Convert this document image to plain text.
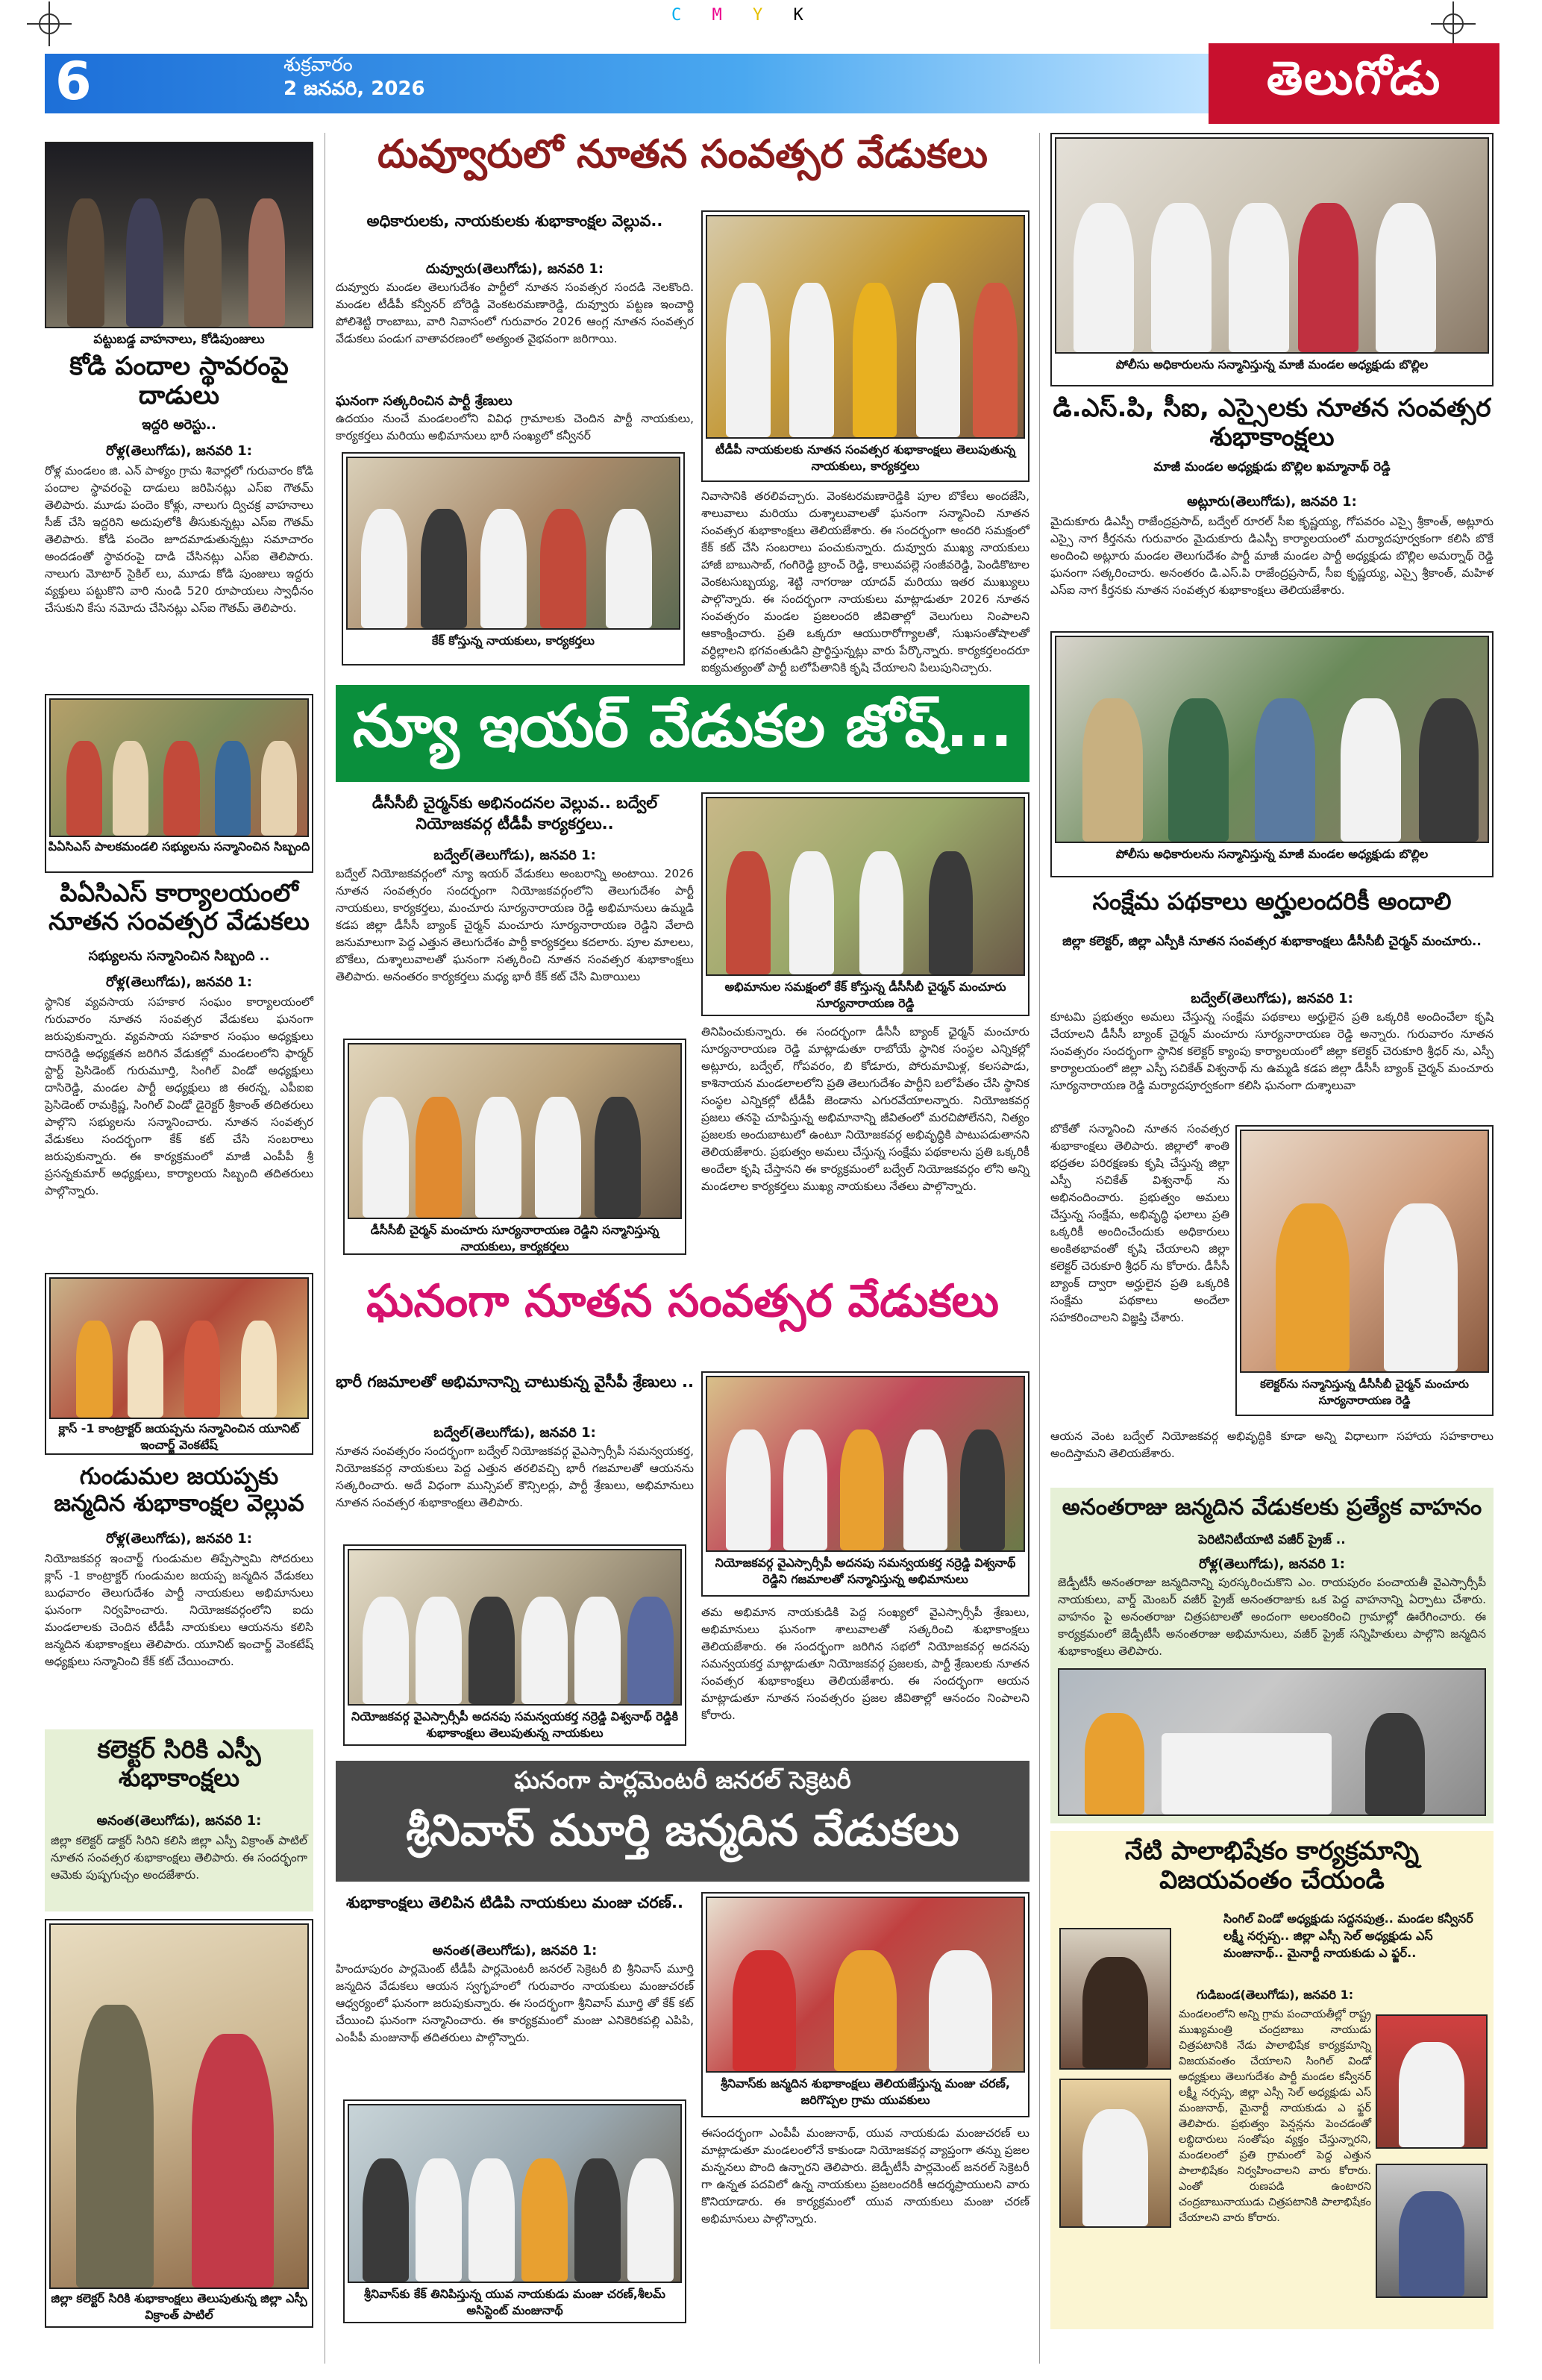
C M Y K
6	శుక్రవారం
2 జనవరి, 2026	తెలుగోడు
పట్టుబడ్డ వాహనాలు, కోడిపుంజులు
కోడి పందాల స్థావరంపై దాడులు
ఇద్దరి అరెస్టు..
రోళ్ల(తెలుగోడు), జనవరి 1:
రోళ్ల మండలం జి. ఎన్ పాళ్యం గ్రామ శివార్లలో గురువారం కోడి పందాల స్థావరంపై దాడులు జరిపినట్లు ఎస్ఐ గౌతమ్ తెలిపారు. మూడు పందెం కోళ్లు, నాలుగు ద్విచక్ర వాహనాలు సీజ్ చేసి ఇద్దరిని అదుపులోకి తీసుకున్నట్లు ఎస్ఐ గౌతమ్ తెలిపారు. కోడి పందెం జూదమాడుతున్నట్లు సమాచారం అందడంతో స్థావరంపై దాడి చేసినట్లు ఎస్ఐ తెలిపారు. నాలుగు మోటార్ సైకిల్ లు, మూడు కోడి పుంజులు ఇద్దరు వ్యక్తులు పట్టుకొని వారి నుండి 520 రూపాయలు స్వాధీనం చేసుకుని కేసు నమోదు చేసినట్లు ఎస్ఐ గౌతమ్ తెలిపారు.
పిఏసిఎస్ పాలకమండలి సభ్యులను సన్మానించిన సిబ్బంది
పిఏసిఎస్ కార్యాలయంలో నూతన సంవత్సర వేడుకలు
సభ్యులను సన్మానించిన సిబ్బంది ..
రోళ్ల(తెలుగోడు), జనవరి 1:
స్థానిక వ్యవసాయ సహకార సంఘం కార్యాలయంలో గురువారం నూతన సంవత్సర వేడుకలు ఘనంగా జరుపుకున్నారు. వ్యవసాయ సహకార సంఘం అధ్యక్షులు దాసరెడ్డి అధ్యక్షతన జరిగిన వేడుకల్లో మండలంలోని ఫార్మర్ స్టార్ట్ ప్రెసిడెంట్ గురుమూర్తి, సింగిల్ విండో అధ్యక్షులు దాసిరెడ్డి, మండల పార్టీ అధ్యక్షులు జి ఈరన్న, ఎపీఐఐ ప్రెసిడెంట్ రామక్రిష్ణ, సింగిల్ విండో డైరెక్టర్ శ్రీకాంత్ తదితరులు పాల్గొని సభ్యులను సన్మానించారు. నూతన సంవత్సర వేడుకలు సందర్భంగా కేక్ కట్ చేసి సంబరాలు జరుపుకున్నారు. ఈ కార్యక్రమంలో మాజీ ఎంపీపీ శ్రీ ప్రసన్నకుమార్ అధ్యక్షులు, కార్యాలయ సిబ్బంది తదితరులు పాల్గొన్నారు.
క్లాస్ -1 కాంట్రాక్టర్ జయప్పను సన్మానించిన యూనిట్ ఇంచార్జ్ వెంకటేష్
గుండుమల జయప్పకు జన్మదిన శుభాకాంక్షల వెల్లువ
రోళ్ల(తెలుగోడు), జనవరి 1:
నియోజకవర్గ ఇంచార్జ్ గుండుమల తిప్పేస్వామి సోదరులు క్లాస్ -1 కాంట్రాక్టర్ గుండుమల జయప్ప జన్మదిన వేడుకలు బుధవారం తెలుగుదేశం పార్టీ నాయకులు అభిమానులు ఘనంగా నిర్వహించారు. నియోజకవర్గంలోని ఐదు మండలాలకు చెందిన టీడీపీ నాయకులు ఆయనను కలిసి జన్మదిన శుభాకాంక్షలు తెలిపారు. యూనిట్ ఇంచార్జ్ వెంకటేష్ అధ్యక్షులు సన్మానించి కేక్ కట్ చేయించారు.
కలెక్టర్ సిరికి ఎస్పీ శుభాకాంక్షలు
అనంత(తెలుగోడు), జనవరి 1:
జిల్లా కలెక్టర్ డాక్టర్ సిరిని కలిసి జిల్లా ఎస్పీ విక్రాంత్ పాటిల్ నూతన సంవత్సర శుభాకాంక్షలు తెలిపారు. ఈ సందర్భంగా ఆమెకు పుష్పగుచ్చం అందజేశారు.
జిల్లా కలెక్టర్ సిరికి శుభాకాంక్షలు తెలుపుతున్న జిల్లా ఎస్పీ విక్రాంత్ పాటిల్
దువ్వూరులో నూతన సంవత్సర వేడుకలు
అధికారులకు, నాయకులకు శుభాకాంక్షల వెల్లువ..
దువ్వూరు(తెలుగోడు), జనవరి 1:
దువ్వూరు మండల తెలుగుదేశం పార్టీలో నూతన సంవత్సర సందడి నెలకొంది. మండల టీడీపీ కన్వీనర్ బోరెడ్డి వెంకటరమణారెడ్డి, దువ్వూరు పట్టణ ఇంచార్జి పోలిశెట్టి రాంబాబు, వారి నివాసంలో గురువారం 2026 ఆంగ్ల నూతన సంవత్సర వేడుకలు పండుగ వాతావరణంలో అత్యంత వైభవంగా జరిగాయి.
ఘనంగా సత్కరించిన పార్టీ శ్రేణులు
ఉదయం నుంచే మండలంలోని వివిధ గ్రామాలకు చెందిన పార్టీ నాయకులు, కార్యకర్తలు మరియు అభిమానులు భారీ సంఖ్యలో కన్వీనర్
కేక్ కోస్తున్న నాయకులు, కార్యకర్తలు
టీడీపీ నాయకులకు నూతన సంవత్సర శుభాకాంక్షలు తెలుపుతున్న నాయకులు, కార్యకర్తలు
నివాసానికి తరలివచ్చారు. వెంకటరమణారెడ్డికి పూల బొకేలు అందజేసి, శాలువాలు మరియు దుశ్శాలువాలతో ఘనంగా సన్మానించి నూతన సంవత్సర శుభాకాంక్షలు తెలియజేశారు. ఈ సందర్భంగా అందరి సమక్షంలో కేక్ కట్ చేసి సంబరాలు పంచుకున్నారు. దువ్వూరు ముఖ్య నాయకులు హాజీ బాబుసాబ్, గంగిరెడ్డి బ్రాంచ్ రెడ్డి, కాలువపల్లె సంజీవరెడ్డి, పెండికొటాల వెంకటసుబ్బయ్య, శెట్టి నాగరాజు యాదవ్ మరియు ఇతర ముఖ్యులు పాల్గొన్నారు. ఈ సందర్భంగా నాయకులు మాట్లాడుతూ 2026 నూతన సంవత్సరం మండల ప్రజలందరి జీవితాల్లో వెలుగులు నింపాలని ఆకాంక్షించారు. ప్రతి ఒక్కరూ ఆయురారోగ్యాలతో, సుఖసంతోషాలతో వర్ధిల్లాలని భగవంతుడిని ప్రార్థిస్తున్నట్లు వారు పేర్కొన్నారు. కార్యకర్తలందరూ ఐక్యమత్యంతో పార్టీ బలోపేతానికి కృషి చేయాలని పిలుపునిచ్చారు.
న్యూ ఇయర్ వేడుకల జోష్...
డీసీసీబీ చైర్మన్‌కు అభినందనల వెల్లువ.. బద్వేల్ నియోజకవర్గ టీడీపీ కార్యకర్తలు..
బద్వేల్(తెలుగోడు), జనవరి 1:
బద్వేల్ నియోజకవర్గంలో న్యూ ఇయర్ వేడుకలు అంబరాన్ని అంటాయి. 2026 నూతన సంవత్సరం సందర్భంగా నియోజకవర్గంలోని తెలుగుదేశం పార్టీ నాయకులు, కార్యకర్తలు, మంచూరు సూర్యనారాయణ రెడ్డి అభిమానులు ఉమ్మడి కడప జిల్లా డీసీసీ బ్యాంక్ చైర్మన్ మంచూరు సూర్యనారాయణ రెడ్డిని వేలాది జనుమాలుగా పెద్ద ఎత్తున తెలుగుదేశం పార్టీ కార్యకర్తలు కదలారు. పూల మాలలు, బొకేలు, దుశ్శాలువాలతో ఘనంగా సత్కరించి నూతన సంవత్సర శుభాకాంక్షలు తెలిపారు. అనంతరం కార్యకర్తలు మధ్య భారీ కేక్ కట్ చేసి మిఠాయిలు
డీసీసీబీ చైర్మన్ మంచూరు సూర్యనారాయణ రెడ్డిని సన్మానిస్తున్న నాయకులు, కార్యకర్తలు
అభిమానుల సమక్షంలో కేక్ కోస్తున్న డీసీసీబీ చైర్మన్ మంచూరు సూర్యనారాయణ రెడ్డి
తినిపించుకున్నారు. ఈ సందర్భంగా డీసీసీ బ్యాంక్ ఛైర్మన్ మంచూరు సూర్యనారాయణ రెడ్డి మాట్లాడుతూ రాబోయే స్థానిక సంస్థల ఎన్నికల్లో అట్లూరు, బద్వేల్, గోపవరం, బి కోడూరు, పోరుమామిళ్ల, కలసపాడు, కాశినాయన మండలాలలోని ప్రతి తెలుగుదేశం పార్టీని బలోపేతం చేసి స్థానిక సంస్థల ఎన్నికల్లో టీడీపీ జెండాను ఎగురవేయాలన్నారు. నియోజకవర్గ ప్రజలు తనపై చూపిస్తున్న అభిమానాన్ని జీవితంలో మరచిపోలేనని, నిత్యం ప్రజలకు అందుబాటులో ఉంటూ నియోజకవర్గ అభివృద్ధికి పాటుపడుతానని తెలియజేశారు. ప్రభుత్వం అమలు చేస్తున్న సంక్షేమ పథకాలను ప్రతి ఒక్కరికీ అందేలా కృషి చేస్తానని ఈ కార్యక్రమంలో బద్వేల్ నియోజకవర్గం లోని అన్ని మండలాల కార్యకర్తలు ముఖ్య నాయకులు నేతలు పాల్గొన్నారు.
ఘనంగా నూతన సంవత్సర వేడుకలు
భారీ గజమాలతో అభిమానాన్ని చాటుకున్న వైసీపీ శ్రేణులు ..
బద్వేల్(తెలుగోడు), జనవరి 1:
నూతన సంవత్సరం సందర్భంగా బద్వేల్ నియోజకవర్గ వైఎస్సార్సీపీ సమన్వయకర్త, నియోజకవర్గ నాయకులు పెద్ద ఎత్తున తరలివచ్చి భారీ గజమాలతో ఆయనను సత్కరించారు. అదే విధంగా మున్సిపల్ కౌన్సిలర్లు, పార్టీ శ్రేణులు, అభిమానులు నూతన సంవత్సర శుభాకాంక్షలు తెలిపారు.
నియోజకవర్గ వైఎస్సార్సీపీ అదనపు సమన్వయకర్త నర్రెడ్డి విశ్వనాథ్ రెడ్డికి శుభాకాంక్షలు తెలుపుతున్న నాయకులు
నియోజకవర్గ వైఎస్సార్సీపీ అదనపు సమన్వయకర్త నర్రెడ్డి విశ్వనాథ్ రెడ్డిని గజమాలతో సన్మానిస్తున్న అభిమానులు
తమ అభిమాన నాయకుడికి పెద్ద సంఖ్యలో వైఎస్సార్సీపీ శ్రేణులు, అభిమానులు ఘనంగా శాలువాలతో సత్కరించి శుభాకాంక్షలు తెలియజేశారు. ఈ సందర్భంగా జరిగిన సభలో నియోజకవర్గ అదనపు సమన్వయకర్త మాట్లాడుతూ నియోజకవర్గ ప్రజలకు, పార్టీ శ్రేణులకు నూతన సంవత్సర శుభాకాంక్షలు తెలియజేశారు. ఈ సందర్భంగా ఆయన మాట్లాడుతూ నూతన సంవత్సరం ప్రజల జీవితాల్లో ఆనందం నింపాలని కోరారు.
ఘనంగా పార్లమెంటరీ జనరల్ సెక్రెటరీ
శ్రీనివాస్ మూర్తి జన్మదిన వేడుకలు
శుభాకాంక్షలు తెలిపిన టిడిపి నాయకులు మంజు చరణ్..
అనంత(తెలుగోడు), జనవరి 1:
హిందూపురం పార్లమెంట్ టీడీపీ పార్లమెంటరీ జనరల్ సెక్రెటరీ బి శ్రీనివాస్ మూర్తి జన్మదిన వేడుకలు ఆయన స్వగృహంలో గురువారం నాయకులు మంజుచరణ్ ఆధ్వర్యంలో ఘనంగా జరుపుకున్నారు. ఈ సందర్భంగా శ్రీనివాస్ మూర్తి తో కేక్ కట్ చేయించి ఘనంగా సన్మానించారు. ఈ కార్యక్రమంలో మంజు ఎనికెరికపల్లి ఎపిపి, ఎంపీపీ మంజునాథ్ తదితరులు పాల్గొన్నారు.
శ్రీనివాస్‌కు కేక్ తినిపిస్తున్న యువ నాయకుడు మంజు చరణ్,శీలమ్ అసిస్టెంట్ మంజునాథ్
శ్రీనివాస్‌కు జన్మదిన శుభాకాంక్షలు తెలియజేస్తున్న మంజు చరణ్, జరిగొప్పల గ్రామ యువకులు
ఈసందర్భంగా ఎంపీపీ మంజునాథ్, యువ నాయకుడు మంజుచరణ్ లు మాట్లాడుతూ మండలంలోనే కాకుండా నియోజకవర్గ వ్యాప్తంగా తన్ను ప్రజల మన్ననలు పొంది ఉన్నారని తెలిపారు. జెడ్పీటీసీ పార్లమెంట్ జనరల్ సెక్రెటరీ గా ఉన్నత పదవిలో ఉన్న నాయకులు ప్రజలందరికీ ఆదర్శప్రాయులని వారు కొనియాడారు. ఈ కార్యక్రమంలో యువ నాయకులు మంజు చరణ్ అభిమానులు పాల్గొన్నారు.
పోలీసు అధికారులను సన్మానిస్తున్న మాజీ మండల అధ్యక్షుడు బొల్లిల
డి.ఎస్.పి, సీఐ, ఎస్సైలకు నూతన సంవత్సర శుభాకాంక్షలు
మాజీ మండల అధ్యక్షుడు బొల్లిల ఖమ్మానాథ్ రెడ్డి
అట్లూరు(తెలుగోడు), జనవరి 1:
మైదుకూరు డిఎస్పీ రాజేంద్రప్రసాద్, బద్వేల్ రూరల్ సీఐ కృష్ణయ్య, గోపవరం ఎస్సై శ్రీకాంత్, అట్లూరు ఎస్సై నాగ కీర్తనను గురువారం మైదుకూరు డిఎస్పీ కార్యాలయంలో మర్యాదపూర్వకంగా కలిసి బొకే అందించి అట్లూరు మండల తెలుగుదేశం పార్టీ మాజీ మండల పార్టీ అధ్యక్షుడు బొల్లిల అమర్నాథ్ రెడ్డి ఘనంగా సత్కరించారు. అనంతరం డి.ఎస్.పి రాజేంద్రప్రసాద్, సీఐ కృష్ణయ్య, ఎస్సై శ్రీకాంత్, మహిళ ఎస్ఐ నాగ కీర్తనకు నూతన సంవత్సర శుభాకాంక్షలు తెలియజేశారు.
పోలీసు అధికారులను సన్మానిస్తున్న మాజీ మండల అధ్యక్షుడు బొల్లిల
సంక్షేమ పథకాలు అర్హులందరికీ అందాలి
జిల్లా కలెక్టర్, జిల్లా ఎస్పీకి నూతన సంవత్సర శుభాకాంక్షలు డీసీసీబీ చైర్మన్ మంచూరు..
బద్వేల్(తెలుగోడు), జనవరి 1:
కూటమి ప్రభుత్వం అమలు చేస్తున్న సంక్షేమ పథకాలు అర్హులైన ప్రతి ఒక్కరికి అందించేలా కృషి చేయాలని డీసీసీ బ్యాంక్ చైర్మన్ మంచూరు సూర్యనారాయణ రెడ్డి అన్నారు. గురువారం నూతన సంవత్సరం సందర్భంగా స్థానిక కలెక్టర్ క్యాంపు కార్యాలయంలో జిల్లా కలెక్టర్ చెరుకూరి శ్రీధర్ ను, ఎస్పీ కార్యాలయంలో జిల్లా ఎస్పీ సచికేత్ విశ్వనాథ్ ను ఉమ్మడి కడప జిల్లా డీసీసీ బ్యాంక్ చైర్మన్ మంచూరు సూర్యనారాయణ రెడ్డి మర్యాదపూర్వకంగా కలిసి ఘనంగా దుశ్శాలువా
బొకేతో సన్మానించి నూతన సంవత్సర శుభాకాంక్షలు తెలిపారు. జిల్లాలో శాంతి భద్రతల పరిరక్షణకు కృషి చేస్తున్న జిల్లా ఎస్పీ సచికేత్ విశ్వనాథ్ ను అభినందించారు. ప్రభుత్వం అమలు చేస్తున్న సంక్షేమ, అభివృద్ధి ఫలాలు ప్రతి ఒక్కరికీ అందించేందుకు అధికారులు అంకితభావంతో కృషి చేయాలని జిల్లా కలెక్టర్ చెరుకూరి శ్రీధర్ ను కోరారు. డీసీసీ బ్యాంక్ ద్వారా అర్హులైన ప్రతి ఒక్కరికి సంక్షేమ పథకాలు అందేలా సహకరించాలని విజ్ఞప్తి చేశారు.
కలెక్టర్‌ను సన్మానిస్తున్న డీసీసీబీ చైర్మన్ మంచూరు సూర్యనారాయణ రెడ్డి
ఆయన వెంట బద్వేల్ నియోజకవర్గ అభివృద్ధికి కూడా అన్ని విధాలుగా సహాయ సహకారాలు అందిస్తామని తెలియజేశారు.
అనంతరాజు జన్మదిన వేడుకలకు ప్రత్యేక వాహనం
పెరిటినిటీయాటి వజీర్ ప్రైజ్ ..
రోళ్ల(తెలుగోడు), జనవరి 1:
జెడ్పీటీసీ అనంతరాజు జన్మదినాన్ని పురస్కరించుకొని ఎం. రాయపురం పంచాయతీ వైఎస్సార్సీపీ నాయకులు, వార్డ్ మెంబర్ వజీర్ ప్రైజ్ అనంతరాజుకు ఒక పెద్ద వాహనాన్ని ఏర్పాటు చేశారు. వాహనం పై అనంతరాజు చిత్రపటాలతో అందంగా అలంకరించి గ్రామాల్లో ఊరేగించారు. ఈ కార్యక్రమంలో జెడ్పీటీసీ అనంతరాజు అభిమానులు, వజీర్ ప్రైజ్ సన్నిహితులు పాల్గొని జన్మదిన శుభాకాంక్షలు తెలిపారు.
నేటి పాలాభిషేకం కార్యక్రమాన్ని విజయవంతం చేయండి
సింగిల్ విండో అధ్యక్షుడు సద్దనపుత్ర.. మండల కన్వీనర్ లక్ష్మీ నర్సప్ప.. జిల్లా ఎస్సీ సెల్ అధ్యక్షుడు ఎస్ మంజునాథ్.. మైనార్టీ నాయకుడు ఎ ఫ్జర్..
గుడిబండ(తెలుగోడు), జనవరి 1:
మండలంలోని అన్ని గ్రామ పంచాయతీల్లో రాష్ట్ర ముఖ్యమంత్రి చంద్రబాబు నాయుడు చిత్రపటానికి నేడు పాలాభిషేక కార్యక్రమాన్ని విజయవంతం చేయాలని సింగిల్ విండో అధ్యక్షులు తెలుగుదేశం పార్టీ మండల కన్వీనర్ లక్ష్మీ నర్సప్ప, జిల్లా ఎస్సీ సెల్ అధ్యక్షుడు ఎస్ మంజునాథ్, మైనార్టీ నాయకుడు ఎ ఫ్జర్ తెలిపారు. ప్రభుత్వం పెన్షన్లను పెంచడంతో లబ్ధిదారులు సంతోషం వ్యక్తం చేస్తున్నారని, మండలంలో ప్రతి గ్రామంలో పెద్ద ఎత్తున పాలాభిషేకం నిర్వహించాలని వారు కోరారు. ఎంతో రుణపడి ఉంటారని చంద్రబాబునాయుడు చిత్రపటానికి పాలాభిషేకం చేయాలని వారు కోరారు.
